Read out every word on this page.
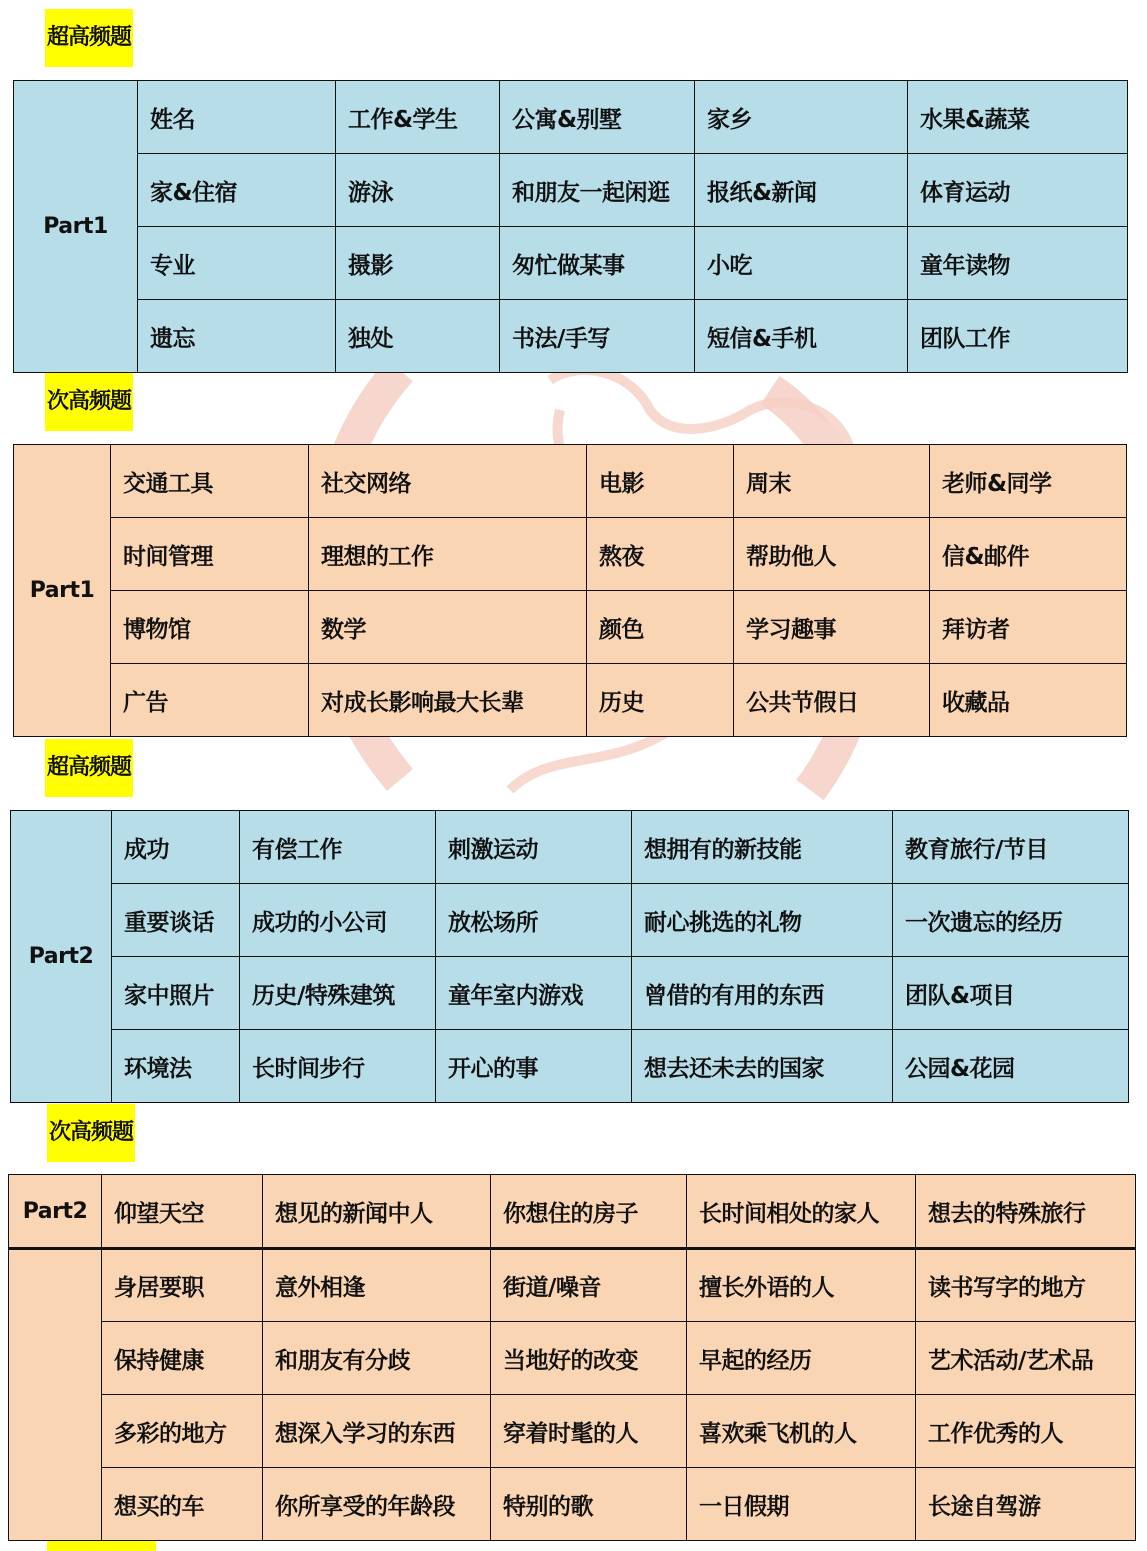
超高频题
Part1	姓名	工作&学生	公寓&别墅	家乡	水果&蔬菜
	家&住宿	游泳	和朋友一起闲逛	报纸&新闻	体育运动
	专业	摄影	匆忙做某事	小吃	童年读物
	遗忘	独处	书法/手写	短信&手机	团队工作
次高频题
Part1	交通工具	社交网络	电影	周末	老师&同学
	时间管理	理想的工作	熬夜	帮助他人	信&邮件
	博物馆	数学	颜色	学习趣事	拜访者
	广告	对成长影响最大长辈	历史	公共节假日	收藏品
超高频题
Part2	成功	有偿工作	刺激运动	想拥有的新技能	教育旅行/节目
	重要谈话	成功的小公司	放松场所	耐心挑选的礼物	一次遗忘的经历
	家中照片	历史/特殊建筑	童年室内游戏	曾借的有用的东西	团队&项目
	环境法	长时间步行	开心的事	想去还未去的国家	公园&花园
次高频题
Part2	仰望天空	想见的新闻中人	你想住的房子	长时间相处的家人	想去的特殊旅行
	身居要职	意外相逢	街道/噪音	擅长外语的人	读书写字的地方
	保持健康	和朋友有分歧	当地好的改变	早起的经历	艺术活动/艺术品
	多彩的地方	想深入学习的东西	穿着时髦的人	喜欢乘飞机的人	工作优秀的人
	想买的车	你所享受的年龄段	特别的歌	一日假期	长途自驾游
